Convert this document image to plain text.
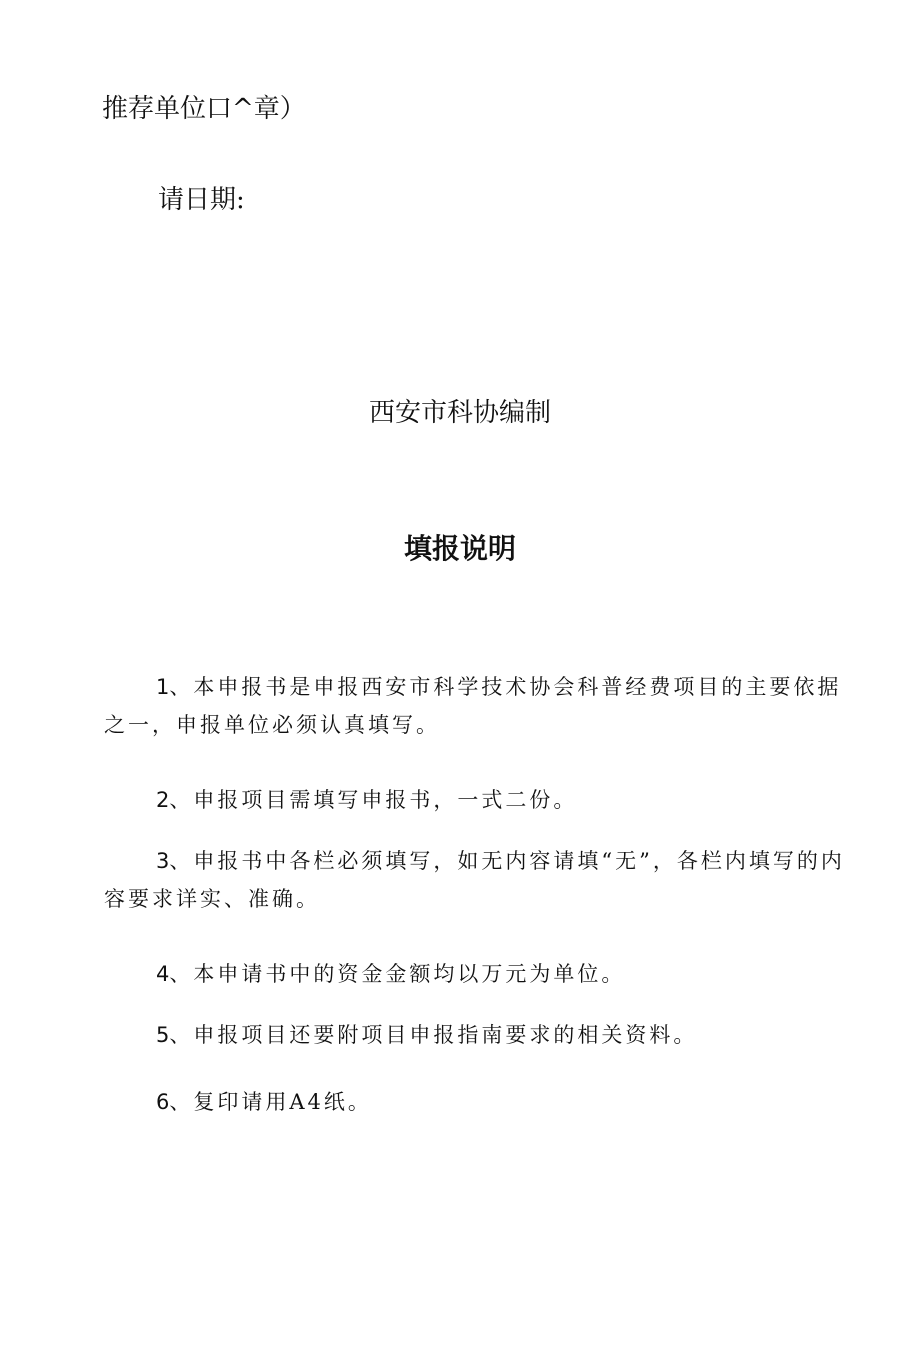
推荐单位口^章）
请日期:
西安市科协编制
填报说明
1、本申报书是申报西安市科学技术协会科普经费项目的主要依据之一，申报单位必须认真填写。
2、申报项目需填写申报书，一式二份。
3、申报书中各栏必须填写，如无内容请填“无”，各栏内填写的内容要求详实、准确。
4、本申请书中的资金金额均以万元为单位。
5、申报项目还要附项目申报指南要求的相关资料。
6、复印请用A4纸。
